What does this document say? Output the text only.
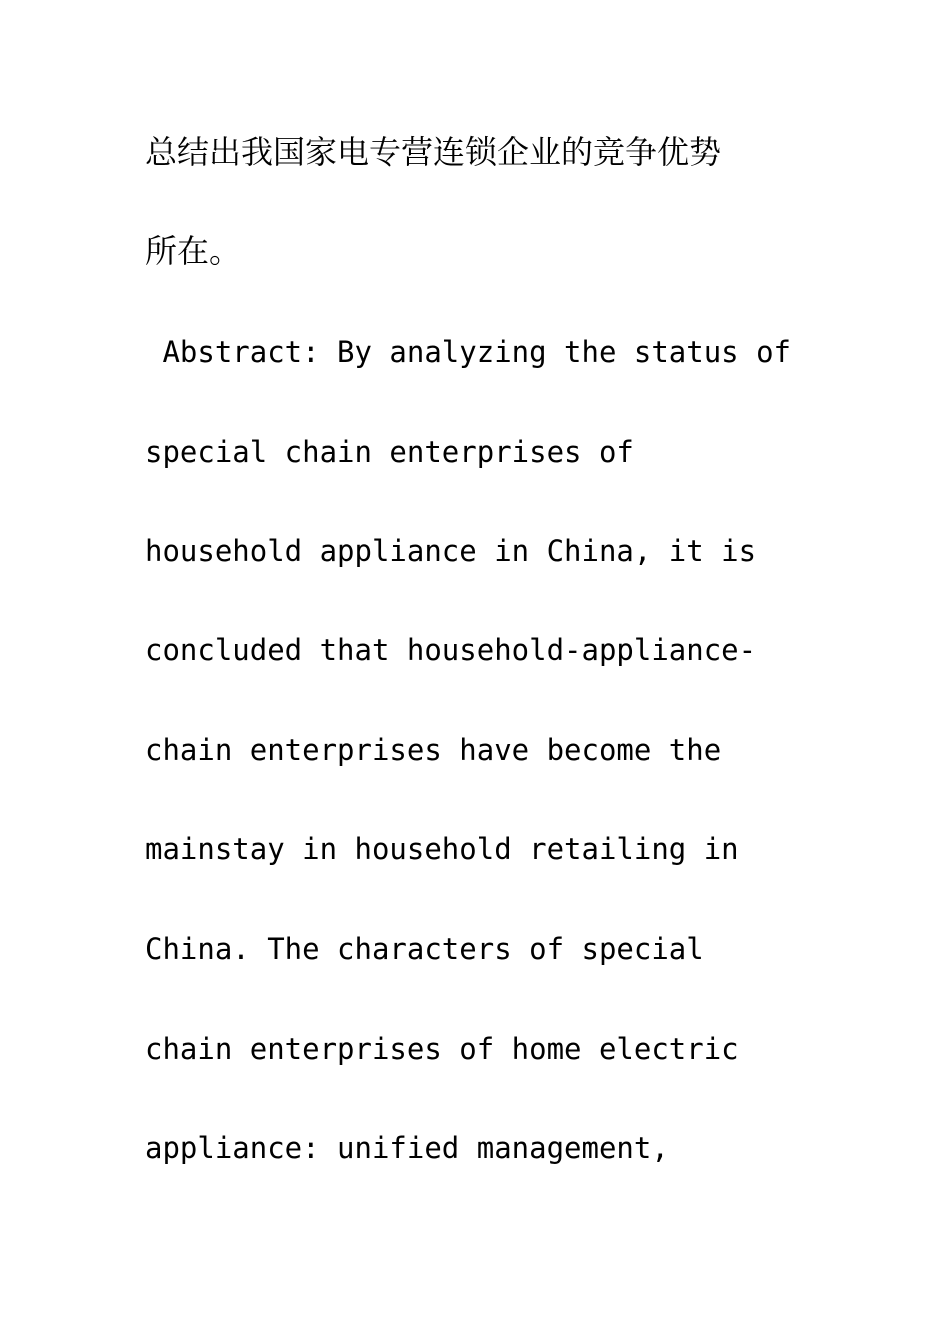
总结出我国家电专营连锁企业的竞争优势
所在。
Abstract: By analyzing the status of
special chain enterprises of
household appliance in China, it is
concluded that household-appliance-
chain enterprises have become the
mainstay in household retailing in
China. The characters of special
chain enterprises of home electric
appliance: unified management,
